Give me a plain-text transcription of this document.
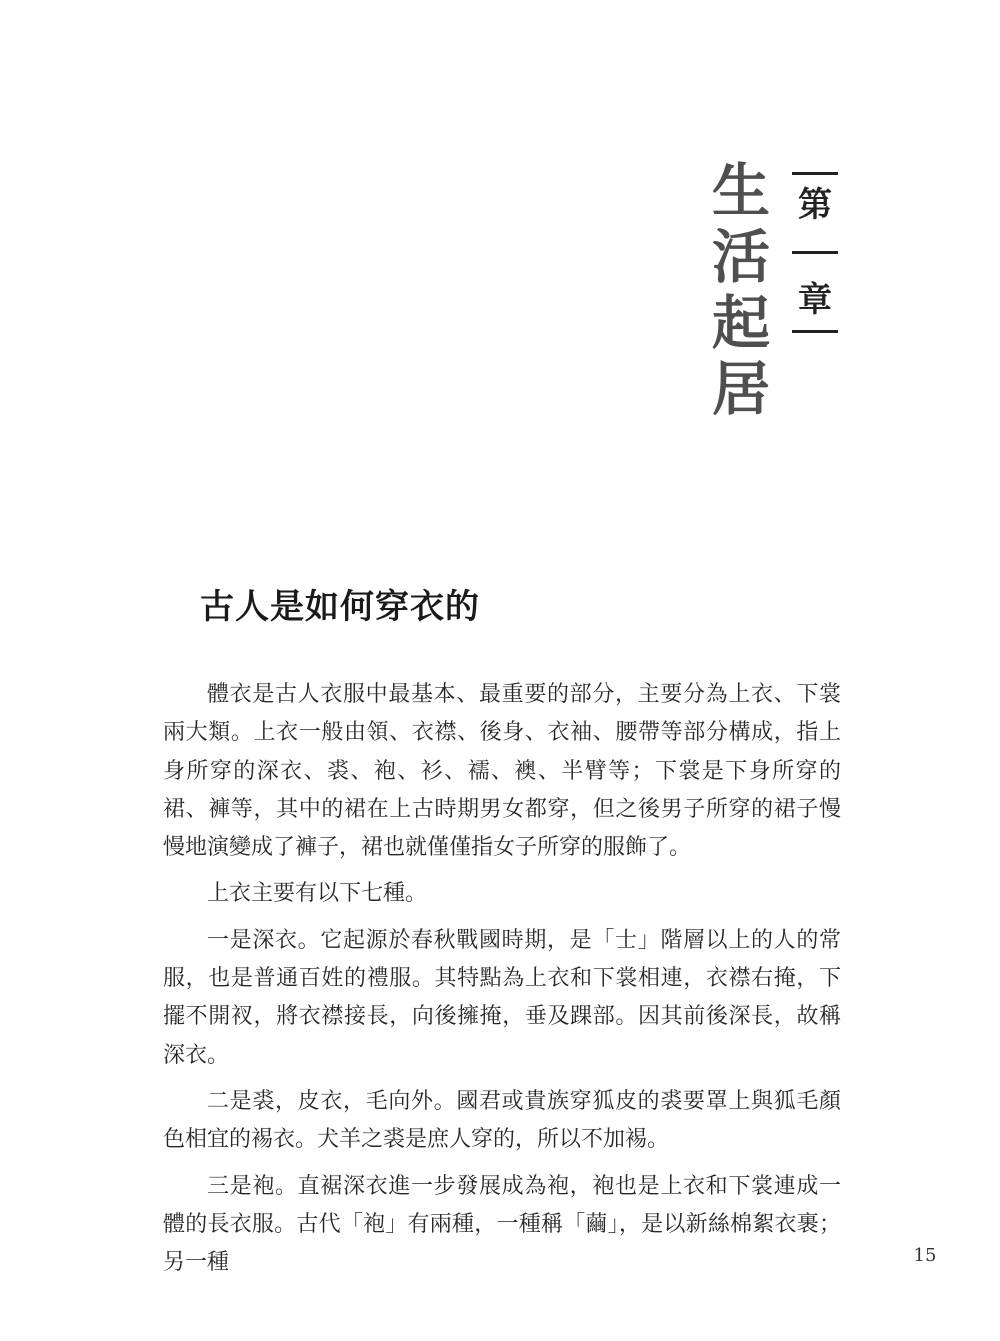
生
活
起
居
第
章
古人是如何穿衣的

體衣是古人衣服中最基本、最重要的部分，主要分為上衣、下裳兩大類。上衣一般由領、衣襟、後身、衣袖、腰帶等部分構成，指上身所穿的深衣、裘、袍、衫、襦、襖、半臂等；下裳是下身所穿的裙、褲等，其中的裙在上古時期男女都穿，但之後男子所穿的裙子慢慢地演變成了褲子，裙也就僅僅指女子所穿的服飾了。

上衣主要有以下七種。

一是深衣。它起源於春秋戰國時期，是「士」階層以上的人的常服，也是普通百姓的禮服。其特點為上衣和下裳相連，衣襟右掩，下擺不開衩，將衣襟接長，向後擁掩，垂及踝部。因其前後深長，故稱深衣。

二是裘，皮衣，毛向外。國君或貴族穿狐皮的裘要罩上與狐毛顏色相宜的裼衣。犬羊之裘是庶人穿的，所以不加裼。

三是袍。直裾深衣進一步發展成為袍，袍也是上衣和下裳連成一體的長衣服。古代「袍」有兩種，一種稱「繭」，是以新絲棉絮衣裹；另一種	15
